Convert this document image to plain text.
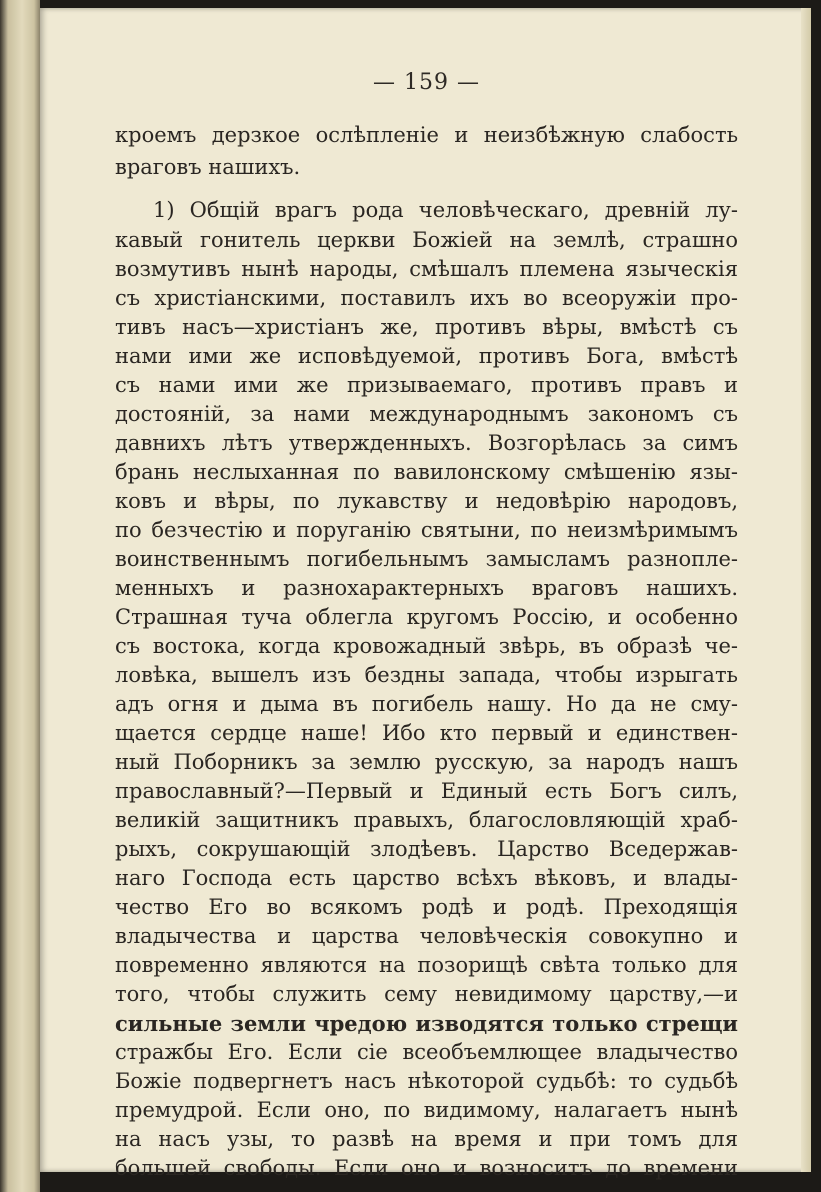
— 159 —
кроемъ дерзкое ослѣпленіе и неизбѣжную слабость
враговъ нашихъ.
1) Общій врагъ рода человѣческаго, древній лу-
кавый гонитель церкви Божіей на землѣ, страшно
возмутивъ нынѣ народы, смѣшалъ племена языческія
съ христіанскими, поставилъ ихъ во всеоружіи про-
тивъ насъ—христіанъ же, противъ вѣры, вмѣстѣ съ
нами ими же исповѣдуемой, противъ Бога, вмѣстѣ
съ нами ими же призываемаго, противъ правъ и
достояній, за нами международнымъ закономъ съ
давнихъ лѣтъ утвержденныхъ. Возгорѣлась за симъ
брань неслыханная по вавилонскому смѣшенію язы-
ковъ и вѣры, по лукавству и недовѣрію народовъ,
по безчестію и поруганію святыни, по неизмѣримымъ
воинственнымъ погибельнымъ замысламъ разнопле-
менныхъ и разнохарактерныхъ враговъ нашихъ.
Страшная туча облегла кругомъ Россію, и особенно
съ востока, когда кровожадный звѣрь, въ образѣ че-
ловѣка, вышелъ изъ бездны запада, чтобы изрыгать
адъ огня и дыма въ погибель нашу. Но да не сму-
щается сердце наше! Ибо кто первый и единствен-
ный Поборникъ за землю русскую, за народъ нашъ
православный?—Первый и Единый есть Богъ силъ,
великій защитникъ правыхъ, благословляющій храб-
рыхъ, сокрушающій злодѣевъ. Царство Вседержав-
наго Господа есть царство всѣхъ вѣковъ, и влады-
чество Его во всякомъ родѣ и родѣ. Преходящія
владычества и царства человѣческія совокупно и
повременно являются на позорищѣ свѣта только для
того, чтобы служить сему невидимому царству,—и
сильные земли чредою изводятся только стрещи
стражбы Его. Если сіе всеобъемлющее владычество
Божіе подвергнетъ насъ нѣкоторой судьбѣ: то судьбѣ
премудрой. Если оно, по видимому, налагаетъ нынѣ
на насъ узы, то развѣ на время и при томъ для
большей свободы. Если оно и возноситъ до времени
